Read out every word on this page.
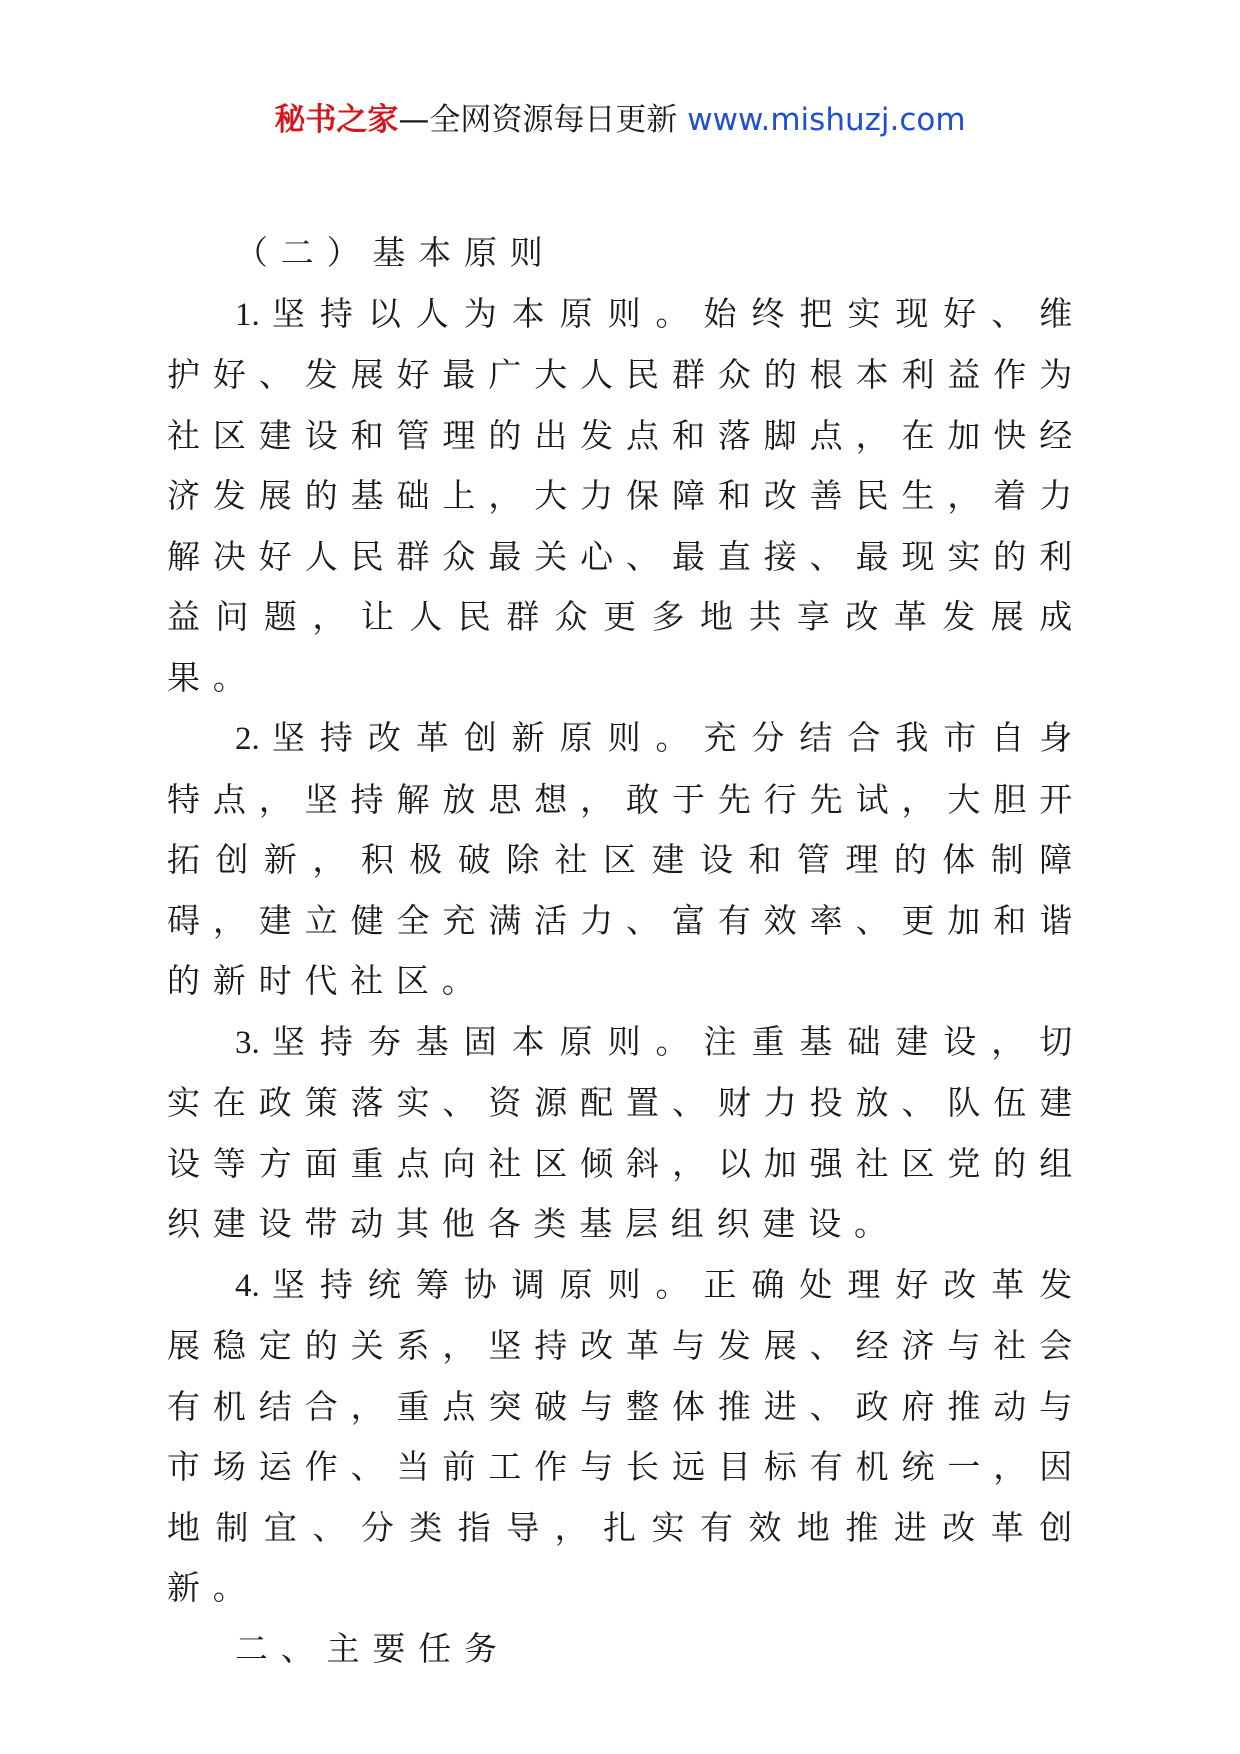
秘书之家—全网资源每日更新 www.mishuzj.com

（二）基本原则

1. 坚持以人为本原则。始终把实现好、维护好、发展好最广大人民群众的根本利益作为社区建设和管理的出发点和落脚点，在加快经济发展的基础上，大力保障和改善民生，着力解决好人民群众最关心、最直接、最现实的利益问题，让人民群众更多地共享改革发展成果。

2. 坚持改革创新原则。充分结合我市自身特点，坚持解放思想，敢于先行先试，大胆开拓创新，积极破除社区建设和管理的体制障碍，建立健全充满活力、富有效率、更加和谐的新时代社区。

3. 坚持夯基固本原则。注重基础建设，切实在政策落实、资源配置、财力投放、队伍建设等方面重点向社区倾斜，以加强社区党的组织建设带动其他各类基层组织建设。

4. 坚持统筹协调原则。正确处理好改革发展稳定的关系，坚持改革与发展、经济与社会有机结合，重点突破与整体推进、政府推动与市场运作、当前工作与长远目标有机统一，因地制宜、分类指导，扎实有效地推进改革创新。

二、主要任务
